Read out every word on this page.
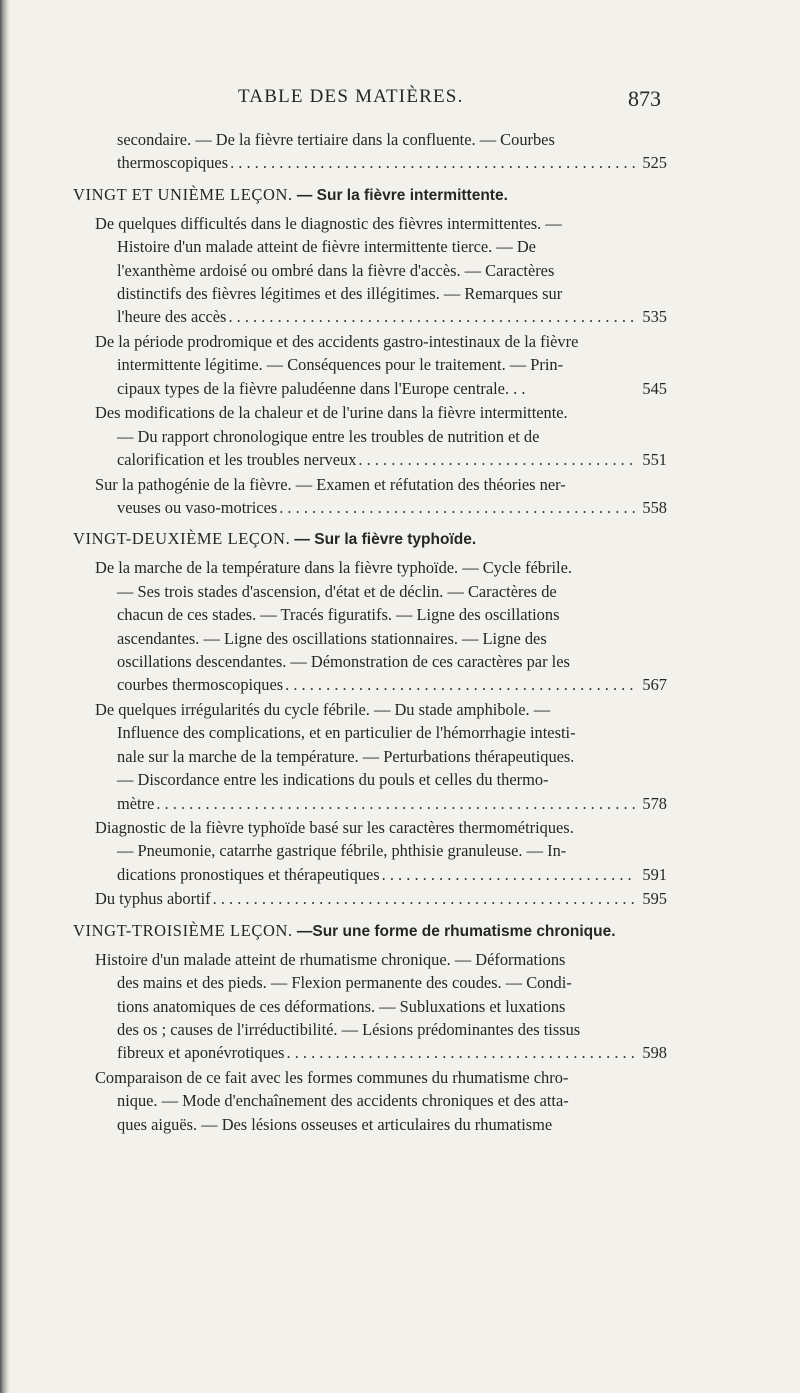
TABLE DES MATIÈRES.	873
secondaire. — De la fièvre tertiaire dans la confluente. — Courbes
thermoscopiques . . .	525
VINGT ET UNIÈME LEÇON. — Sur la fièvre intermittente.
De quelques difficultés dans le diagnostic des fièvres intermittentes. —
Histoire d'un malade atteint de fièvre intermittente tierce. — De
l'exanthème ardoisé ou ombré dans la fièvre d'accès. — Caractères
distinctifs des fièvres légitimes et des illégitimes. — Remarques sur
l'heure des accès . . .	535
De la période prodromique et des accidents gastro-intestinaux de la fièvre
intermittente légitime. — Conséquences pour le traitement. — Prin-
cipaux types de la fièvre paludéenne dans l'Europe centrale. . .	545
Des modifications de la chaleur et de l'urine dans la fièvre intermittente.
— Du rapport chronologique entre les troubles de nutrition et de
calorification et les troubles nerveux . . .	551
Sur la pathogénie de la fièvre. — Examen et réfutation des théories ner-
veuses ou vaso-motrices . . .	558
VINGT-DEUXIÈME LEÇON. — Sur la fièvre typhoïde.
De la marche de la température dans la fièvre typhoïde. — Cycle fébrile.
— Ses trois stades d'ascension, d'état et de déclin. — Caractères de
chacun de ces stades. — Tracés figuratifs. — Ligne des oscillations
ascendantes. — Ligne des oscillations stationnaires. — Ligne des
oscillations descendantes. — Démonstration de ces caractères par les
courbes thermoscopiques . . .	567
De quelques irrégularités du cycle fébrile. — Du stade amphibole. —
Influence des complications, et en particulier de l'hémorrhagie intesti-
nale sur la marche de la température. — Perturbations thérapeutiques.
— Discordance entre les indications du pouls et celles du thermo-
mètre . . .	578
Diagnostic de la fièvre typhoïde basé sur les caractères thermométriques.
— Pneumonie, catarrhe gastrique fébrile, phthisie granuleuse. — In-
dications pronostiques et thérapeutiques . . .	591
Du typhus abortif . . .	595
VINGT-TROISIÈME LEÇON. —Sur une forme de rhumatisme chronique.
Histoire d'un malade atteint de rhumatisme chronique. — Déformations
des mains et des pieds. — Flexion permanente des coudes. — Condi-
tions anatomiques de ces déformations. — Subluxations et luxations
des os ; causes de l'irréductibilité. — Lésions prédominantes des tissus
fibreux et aponévrotiques . . .	598
Comparaison de ce fait avec les formes communes du rhumatisme chro-
nique. — Mode d'enchaînement des accidents chroniques et des atta-
ques aiguës. — Des lésions osseuses et articulaires du rhumatisme
